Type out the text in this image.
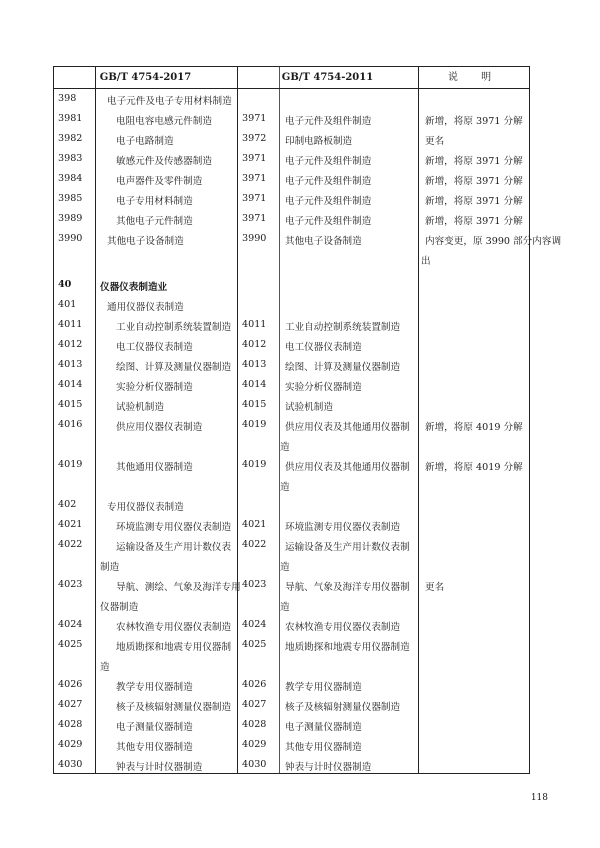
GB/T 4754-2017	GB/T 4754-2011	说 明
398	电子元件及电子专用材料制造
3981	电阻电容电感元件制造	3971 电子元件及组件制造	新增，将原 3971 分解
3982	电子电路制造	3972 印制电路板制造	更名
3983	敏感元件及传感器制造	3971 电子元件及组件制造	新增，将原 3971 分解
3984	电声器件及零件制造	3971 电子元件及组件制造	新增，将原 3971 分解
3985	电子专用材料制造	3971 电子元件及组件制造	新增，将原 3971 分解
3989	其他电子元件制造	3971 电子元件及组件制造	新增，将原 3971 分解
3990	其他电子设备制造	3990 其他电子设备制造	内容变更，原 3990 部分内容调
出
40	仪器仪表制造业
401	通用仪器仪表制造
4011	工业自动控制系统装置制造 4011 工业自动控制系统装置制造
4012	电工仪器仪表制造	4012 电工仪器仪表制造
4013	绘图、计算及测量仪器制造 4013 绘图、计算及测量仪器制造
4014	实验分析仪器制造	4014 实验分析仪器制造
4015	试验机制造	4015 试验机制造
4016	供应用仪器仪表制造	4019 供应用仪表及其他通用仪器制
造
新增，将原 4019 分解
4019	其他通用仪器制造	4019 供应用仪表及其他通用仪器制
造
新增，将原 4019 分解
402	专用仪器仪表制造
4021	环境监测专用仪器仪表制造 4021 环境监测专用仪器仪表制造
4022	运输设备及生产用计数仪表
制造
4022 运输设备及生产用计数仪表制
造
4023	导航、测绘、气象及海洋专用
仪器制造
4023 导航、气象及海洋专用仪器制
造
更名
4024	农林牧渔专用仪器仪表制造 4024 农林牧渔专用仪器仪表制造
4025	地质勘探和地震专用仪器制
造
4025 地质勘探和地震专用仪器制造
4026	教学专用仪器制造	4026 教学专用仪器制造
4027	核子及核辐射测量仪器制造 4027 核子及核辐射测量仪器制造
4028	电子测量仪器制造	4028 电子测量仪器制造
4029	其他专用仪器制造	4029 其他专用仪器制造
4030	钟表与计时仪器制造	4030 钟表与计时仪器制造
118
